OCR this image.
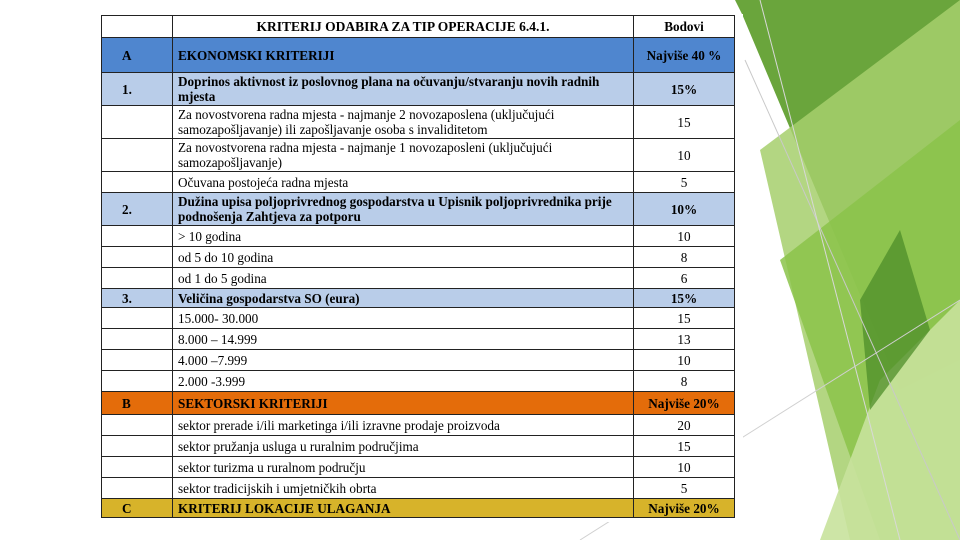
	KRITERIJ ODABIRA ZA TIP OPERACIJE 6.4.1.	Bodovi
A	EKONOMSKI KRITERIJI	Najviše 40 %
1.	Doprinos aktivnost iz poslovnog plana na očuvanju/stvaranju novih radnih mjesta	15%
	Za novostvorena radna mjesta - najmanje 2 novozaposlena (uključujući samozapošljavanje) ili zapošljavanje osoba s invaliditetom	15
	Za novostvorena radna mjesta - najmanje 1 novozaposleni (uključujući samozapošljavanje)	10
	Očuvana postojeća radna mjesta	5
2.	Dužina upisa poljoprivrednog gospodarstva u Upisnik poljoprivrednika prije podnošenja Zahtjeva za potporu	10%
	> 10 godina	10
	od 5 do 10 godina	8
	od 1 do 5 godina	6
3.	Veličina gospodarstva SO (eura)	15%
	15.000- 30.000	15
	8.000 – 14.999	13
	4.000 –7.999	10
	2.000 -3.999	8
B	SEKTORSKI KRITERIJI	Najviše 20%
	sektor prerade i/ili marketinga i/ili izravne prodaje proizvoda	20
	sektor pružanja usluga u ruralnim područjima	15
	sektor turizma u ruralnom području	10
	sektor tradicijskih i umjetničkih obrta	5
C	KRITERIJ LOKACIJE ULAGANJA	Najviše 20%
